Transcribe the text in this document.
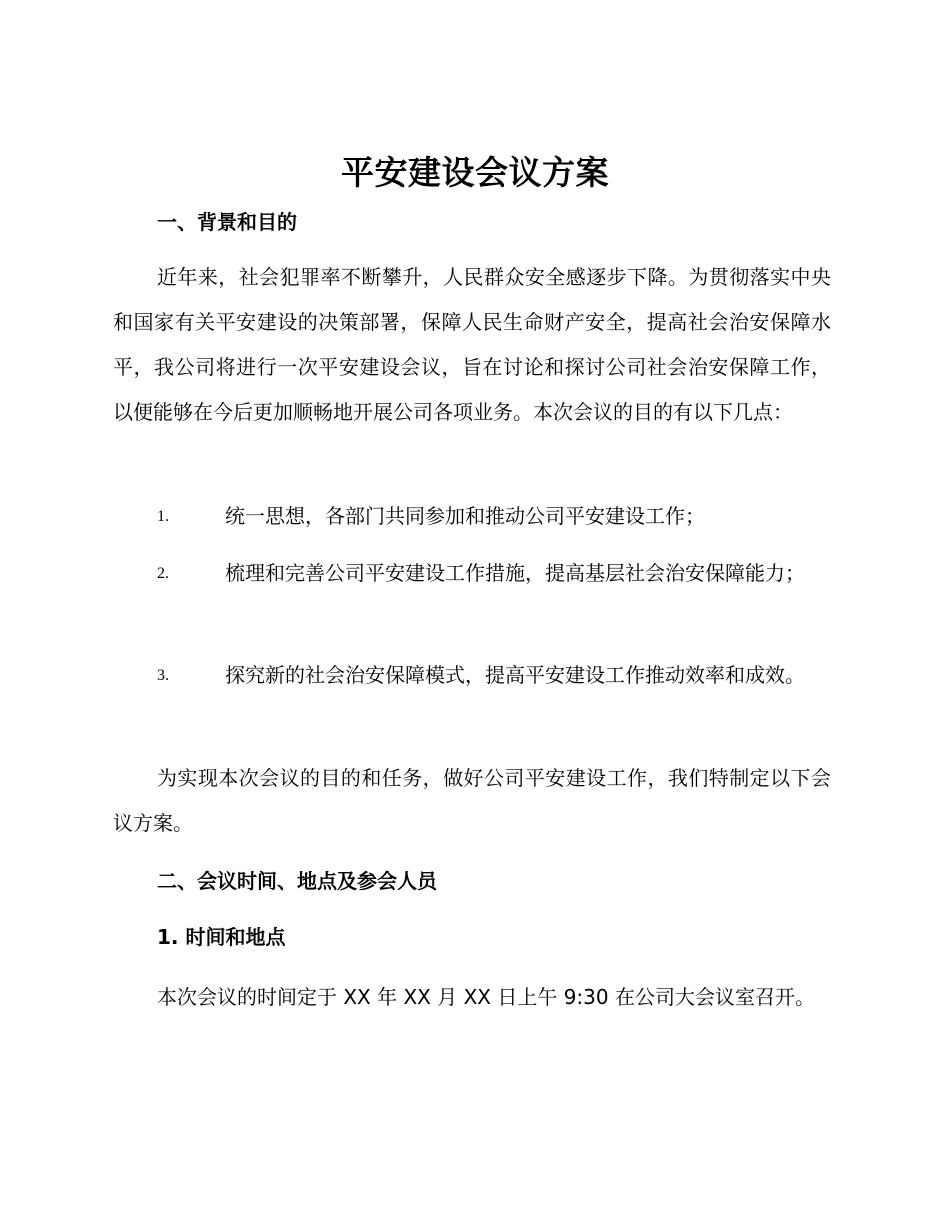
平安建设会议方案
一、背景和目的

近年来，社会犯罪率不断攀升，人民群众安全感逐步下降。为贯彻落实中央和国家有关平安建设的决策部署，保障人民生命财产安全，提高社会治安保障水平，我公司将进行一次平安建设会议，旨在讨论和探讨公司社会治安保障工作，以便能够在今后更加顺畅地开展公司各项业务。本次会议的目的有以下几点：

1.	统一思想，各部门共同参加和推动公司平安建设工作；

2.	梳理和完善公司平安建设工作措施，提高基层社会治安保障能力；

3.	探究新的社会治安保障模式，提高平安建设工作推动效率和成效。

为实现本次会议的目的和任务，做好公司平安建设工作，我们特制定以下会议方案。

二、会议时间、地点及参会人员
1. 时间和地点
本次会议的时间定于 XX 年 XX 月 XX 日上午 9:30 在公司大会议室召开。
